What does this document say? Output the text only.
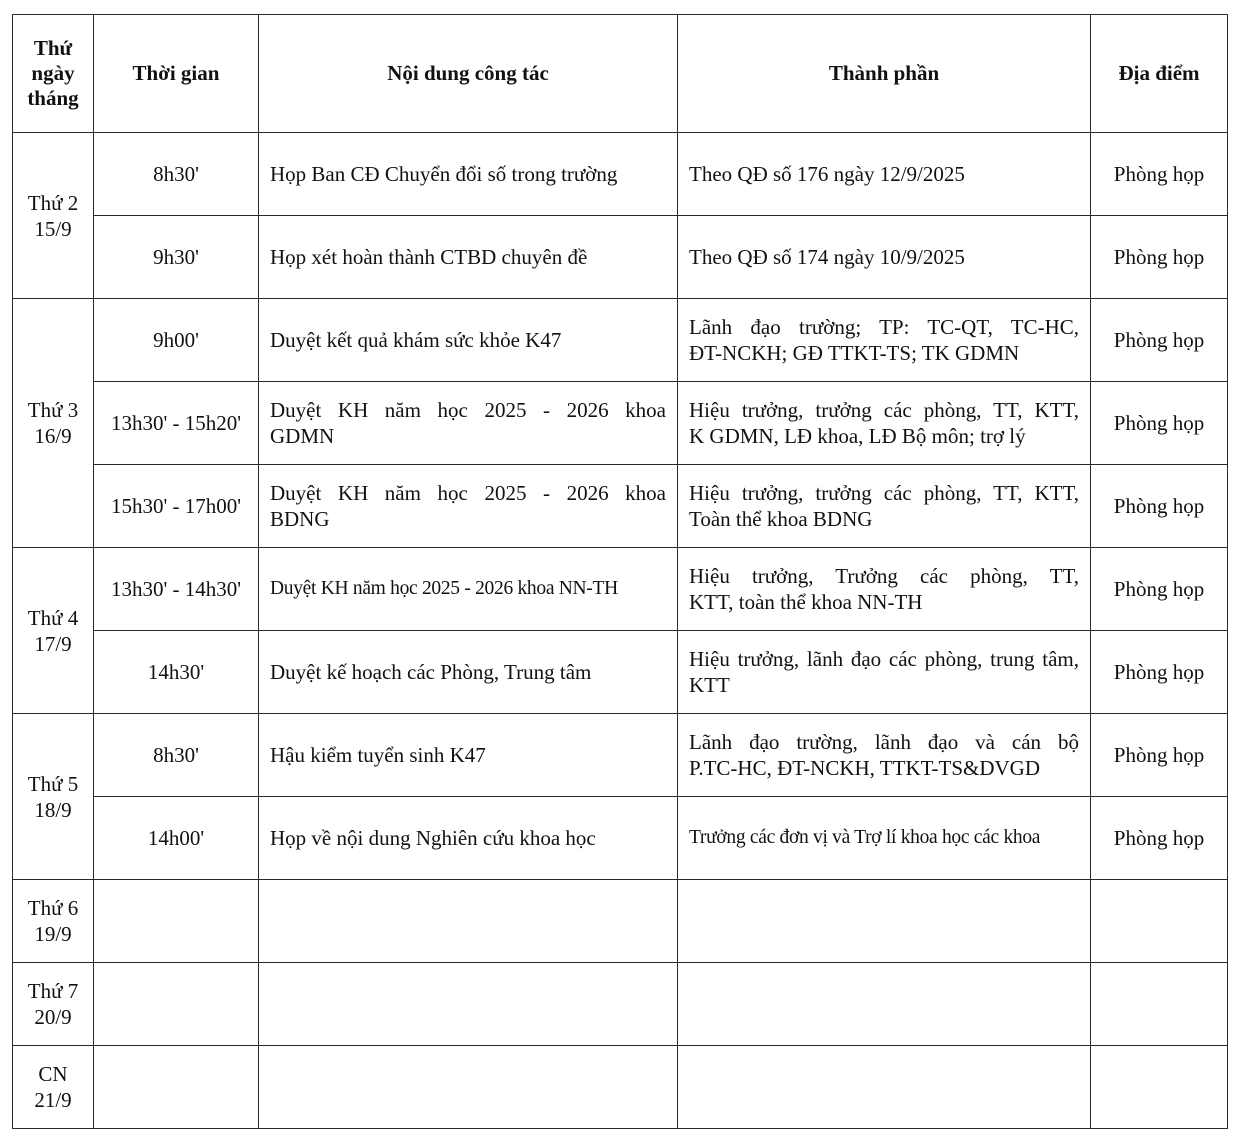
Thứ
ngày
tháng	Thời gian	Nội dung công tác	Thành phần	Địa điểm

Thứ 2
15/9	8h30'	Họp Ban CĐ Chuyển đổi số trong trường	Theo QĐ số 176 ngày 12/9/2025	Phòng họp
	9h30'	Họp xét hoàn thành CTBD chuyên đề	Theo QĐ số 174 ngày 10/9/2025	Phòng họp

Thứ 3
16/9	9h00'	Duyệt kết quả khám sức khỏe K47	Lãnh đạo trường; TP: TC-QT, TC-HC,
ĐT-NCKH; GĐ TTKT-TS; TK GDMN	Phòng họp
	13h30' - 15h20'	Duyệt KH năm học 2025 - 2026 khoa
GDMN	Hiệu trưởng, trưởng các phòng, TT, KTT,
K GDMN, LĐ khoa, LĐ Bộ môn; trợ lý	Phòng họp
	15h30' - 17h00'	Duyệt KH năm học 2025 - 2026 khoa
BDNG	Hiệu trưởng, trưởng các phòng, TT, KTT,
Toàn thể khoa BDNG	Phòng họp

Thứ 4
17/9	13h30' - 14h30'	Duyệt KH năm học 2025 - 2026 khoa NN-TH	Hiệu trưởng, Trưởng các phòng, TT,
KTT, toàn thể khoa NN-TH	Phòng họp
	14h30'	Duyệt kế hoạch các Phòng, Trung tâm	Hiệu trưởng, lãnh đạo các phòng, trung tâm,
KTT	Phòng họp

Thứ 5
18/9	8h30'	Hậu kiểm tuyển sinh K47	Lãnh đạo trường, lãnh đạo và cán bộ
P.TC-HC, ĐT-NCKH, TTKT-TS&DVGD	Phòng họp
	14h00'	Họp về nội dung Nghiên cứu khoa học	Trưởng các đơn vị và Trợ lí khoa học các khoa	Phòng họp

Thứ 6
19/9				

Thứ 7
20/9				

CN
21/9				
